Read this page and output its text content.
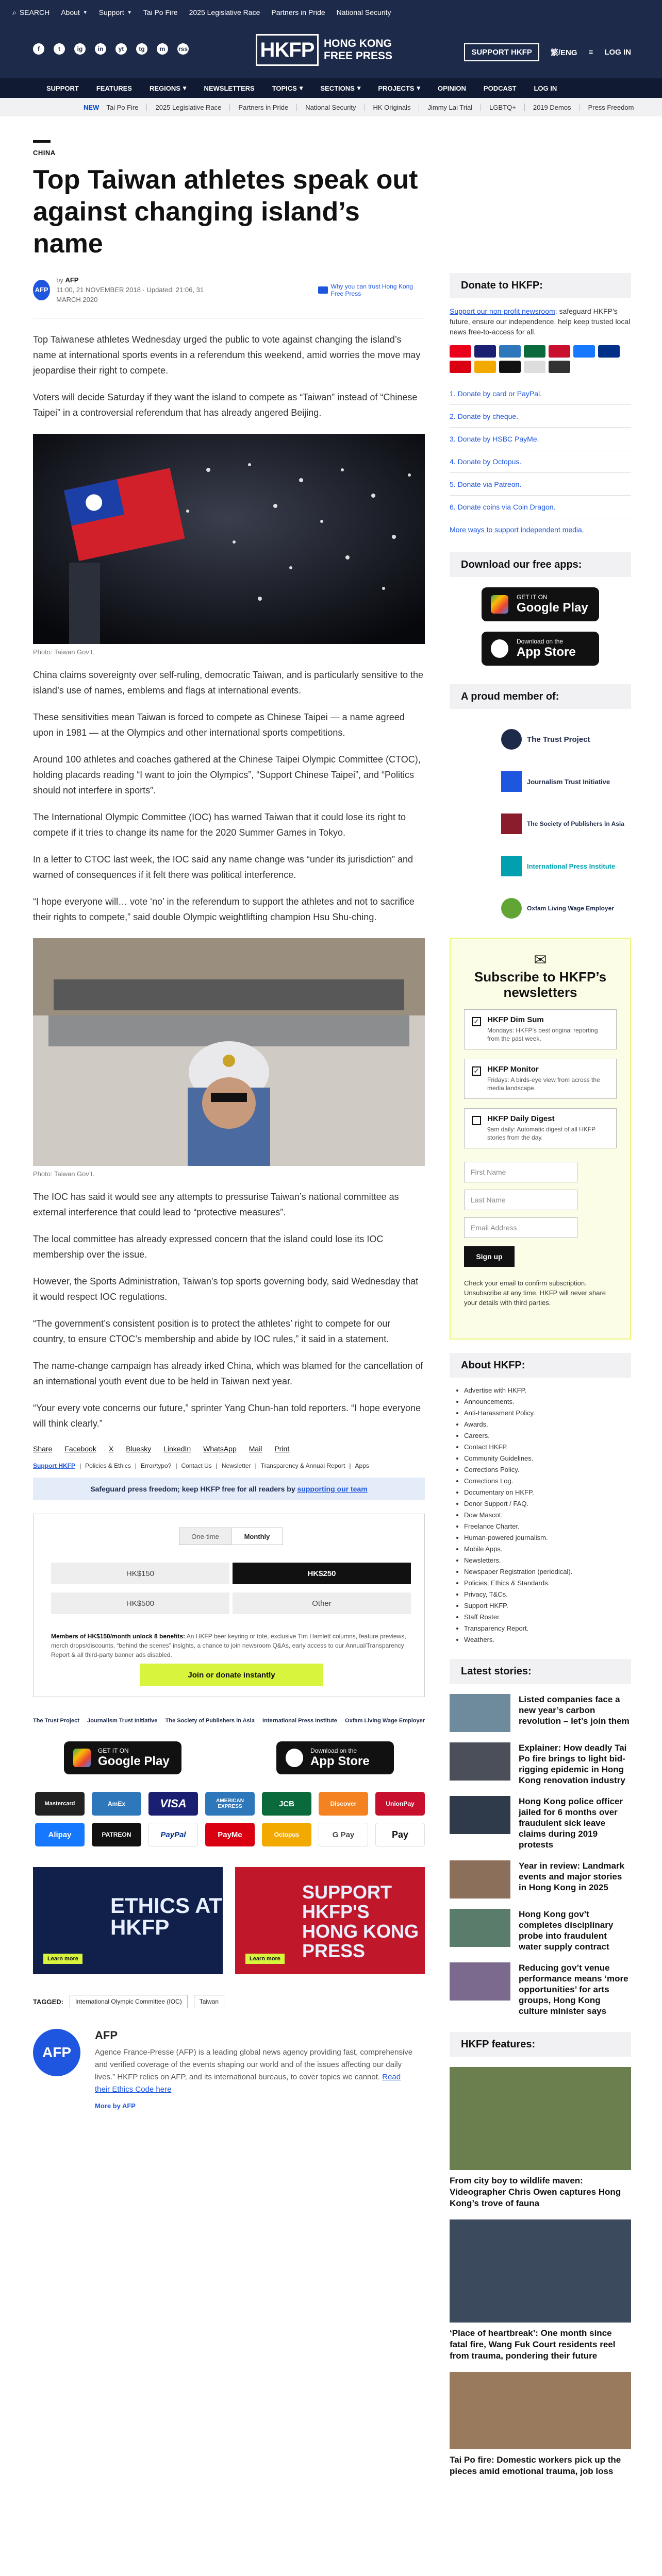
⌕ SEARCH About ▼ Support ▼ Tai Po Fire 2025 Legislative Race Partners in Pride National Security
f	t	ig	in	yt	tg	m	rss	HKFP HONG KONG
FREE PRESS	SUPPORT HKFP	繁/ENG ≡ LOG IN
SUPPORT	FEATURES	REGIONS ▾	NEWSLETTERS	TOPICS ▾	SECTIONS ▾	PROJECTS ▾	OPINION	PODCAST	LOG IN
NEW Tai Po Fire	2025 Legislative Race	Partners in Pride	National Security	HK Originals	Jimmy Lai Trial	LGBTQ+	2019 Demos	Press Freedom
CHINA
Top Taiwan athletes speak out against changing island’s name
AFP
by AFP
11:00, 21 NOVEMBER 2018 · Updated: 21:06, 31 MARCH 2020
Why you can trust Hong Kong Free Press

Top Taiwanese athletes Wednesday urged the public to vote against changing the island’s name at international sports events in a referendum this weekend, amid worries the move may jeopardise their right to compete.

Voters will decide Saturday if they want the island to compete as “Taiwan” instead of “Chinese Taipei” in a controversial referendum that has already angered Beijing.

Photo: Taiwan Gov’t.

China claims sovereignty over self-ruling, democratic Taiwan, and is particularly sensitive to the island’s use of names, emblems and flags at international events.

These sensitivities mean Taiwan is forced to compete as Chinese Taipei — a name agreed upon in 1981 — at the Olympics and other international sports competitions.

Around 100 athletes and coaches gathered at the Chinese Taipei Olympic Committee (CTOC), holding placards reading “I want to join the Olympics”, “Support Chinese Taipei”, and “Politics should not interfere in sports”.

The International Olympic Committee (IOC) has warned Taiwan that it could lose its right to compete if it tries to change its name for the 2020 Summer Games in Tokyo.

In a letter to CTOC last week, the IOC said any name change was “under its jurisdiction” and warned of consequences if it felt there was political interference.

“I hope everyone will… vote ‘no’ in the referendum to support the athletes and not to sacrifice their rights to compete,” said double Olympic weightlifting champion Hsu Shu-ching.

Photo: Taiwan Gov’t.

The IOC has said it would see any attempts to pressurise Taiwan’s national committee as external interference that could lead to “protective measures”.

The local committee has already expressed concern that the island could lose its IOC membership over the issue.

However, the Sports Administration, Taiwan’s top sports governing body, said Wednesday that it would respect IOC regulations.

“The government’s consistent position is to protect the athletes’ right to compete for our country, to ensure CTOC’s membership and abide by IOC rules,” it said in a statement.

The name-change campaign has already irked China, which was blamed for the cancellation of an international youth event due to be held in Taiwan next year.

“Your every vote concerns our future,” sprinter Yang Chun-han told reporters. “I hope everyone will think clearly.”

Share Facebook X Bluesky LinkedIn WhatsApp Mail Print
Support HKFP | Policies & Ethics | Error/typo? | Contact Us | Newsletter | Transparency & Annual Report | Apps
Safeguard press freedom; keep HKFP free for all readers by
supporting our team
One-time	Monthly
HK$150	HK$250
HK$500	Other
Members of HK$150/month unlock 8 benefits: An HKFP beer keyring or tote, exclusive Tim Hamlett columns, feature previews, merch drops/discounts, “behind the scenes” insights, a chance to join newsroom Q&As, early access to our Annual/Transparency Report & all third-party banner ads disabled.
Join or donate instantly
The Trust Project Journalism Trust Initiative The Society of Publishers in Asia International Press Institute Oxfam Living Wage Employer
GET IT ON
Google Play
Download on the
App Store
Mastercard	AmEx	VISA	AMERICAN EXPRESS	JCB	Discover	UnionPay
Alipay	PATREON	PayPal	PayMe	Octopus	G Pay	Pay
ETHICS AT HKFP
Learn more
SUPPORT HKFP'S HONG KONG PRESS
Learn more
TAGGED:	International Olympic Committee (IOC)	Taiwan
AFP
AFP
Agence France-Presse (AFP) is a leading global news agency providing fast, comprehensive and verified coverage of the events shaping our world and of the issues affecting our daily lives.” HKFP relies on AFP, and its international bureaus, to cover topics we cannot. Read their Ethics Code here
More by AFP
Donate to HKFP:
Support our non-profit newsroom: safeguard HKFP’s future, ensure our independence, help keep trusted local news free-to-access for all.
1. Donate by card or PayPal.
2. Donate by cheque.
3. Donate by HSBC PayMe.
4. Donate by Octopus.
5. Donate via Patreon.
6. Donate coins via Coin Dragon.
More ways to support independent media.
Download our free apps:
GET IT ON
Google Play
Download on the
App Store
A proud member of:
The Trust Project
Journalism Trust Initiative
The Society of Publishers in Asia
International Press Institute
Oxfam Living Wage Employer
✉
Subscribe to HKFP’s newsletters
✓ HKFP Dim Sum
Mondays: HKFP’s best original reporting from the past week.
✓ HKFP Monitor
Fridays: A birds-eye view from across the media landscape.
HKFP Daily Digest
9am daily: Automatic digest of all HKFP stories from the day.
First Name
Last Name
Email Address
Sign up
Check your email to confirm subscription. Unsubscribe at any time. HKFP will never share your details with third parties.
About HKFP:
• Advertise with HKFP.
• Announcements.
• Anti-Harassment Policy.
• Awards.
• Careers.
• Contact HKFP.
• Community Guidelines.
• Corrections Policy.
• Corrections Log.
• Documentary on HKFP.
• Donor Support / FAQ.
• Dow Mascot.
• Freelance Charter.
• Human-powered journalism.
• Mobile Apps.
• Newsletters.
• Newspaper Registration (periodical).
• Policies, Ethics & Standards.
• Privacy, T&Cs.
• Support HKFP.
• Staff Roster.
• Transparency Report.
• Weathers.
Latest stories:
Listed companies face a new year’s carbon revolution – let’s join them
Explainer: How deadly Tai Po fire brings to light bid-rigging epidemic in Hong Kong renovation industry
Hong Kong police officer jailed for 6 months over fraudulent sick leave claims during 2019 protests
Year in review: Landmark events and major stories in Hong Kong in 2025
Hong Kong gov’t completes disciplinary probe into fraudulent water supply contract
Reducing gov’t venue performance means ‘more opportunities’ for arts groups, Hong Kong culture minister says
HKFP features:
From city boy to wildlife maven: Videographer Chris Owen captures Hong Kong’s trove of fauna
‘Place of heartbreak’: One month since fatal fire, Wang Fuk Court residents reel from trauma, pondering their future
Tai Po fire: Domestic workers pick up the pieces amid emotional trauma, job loss
